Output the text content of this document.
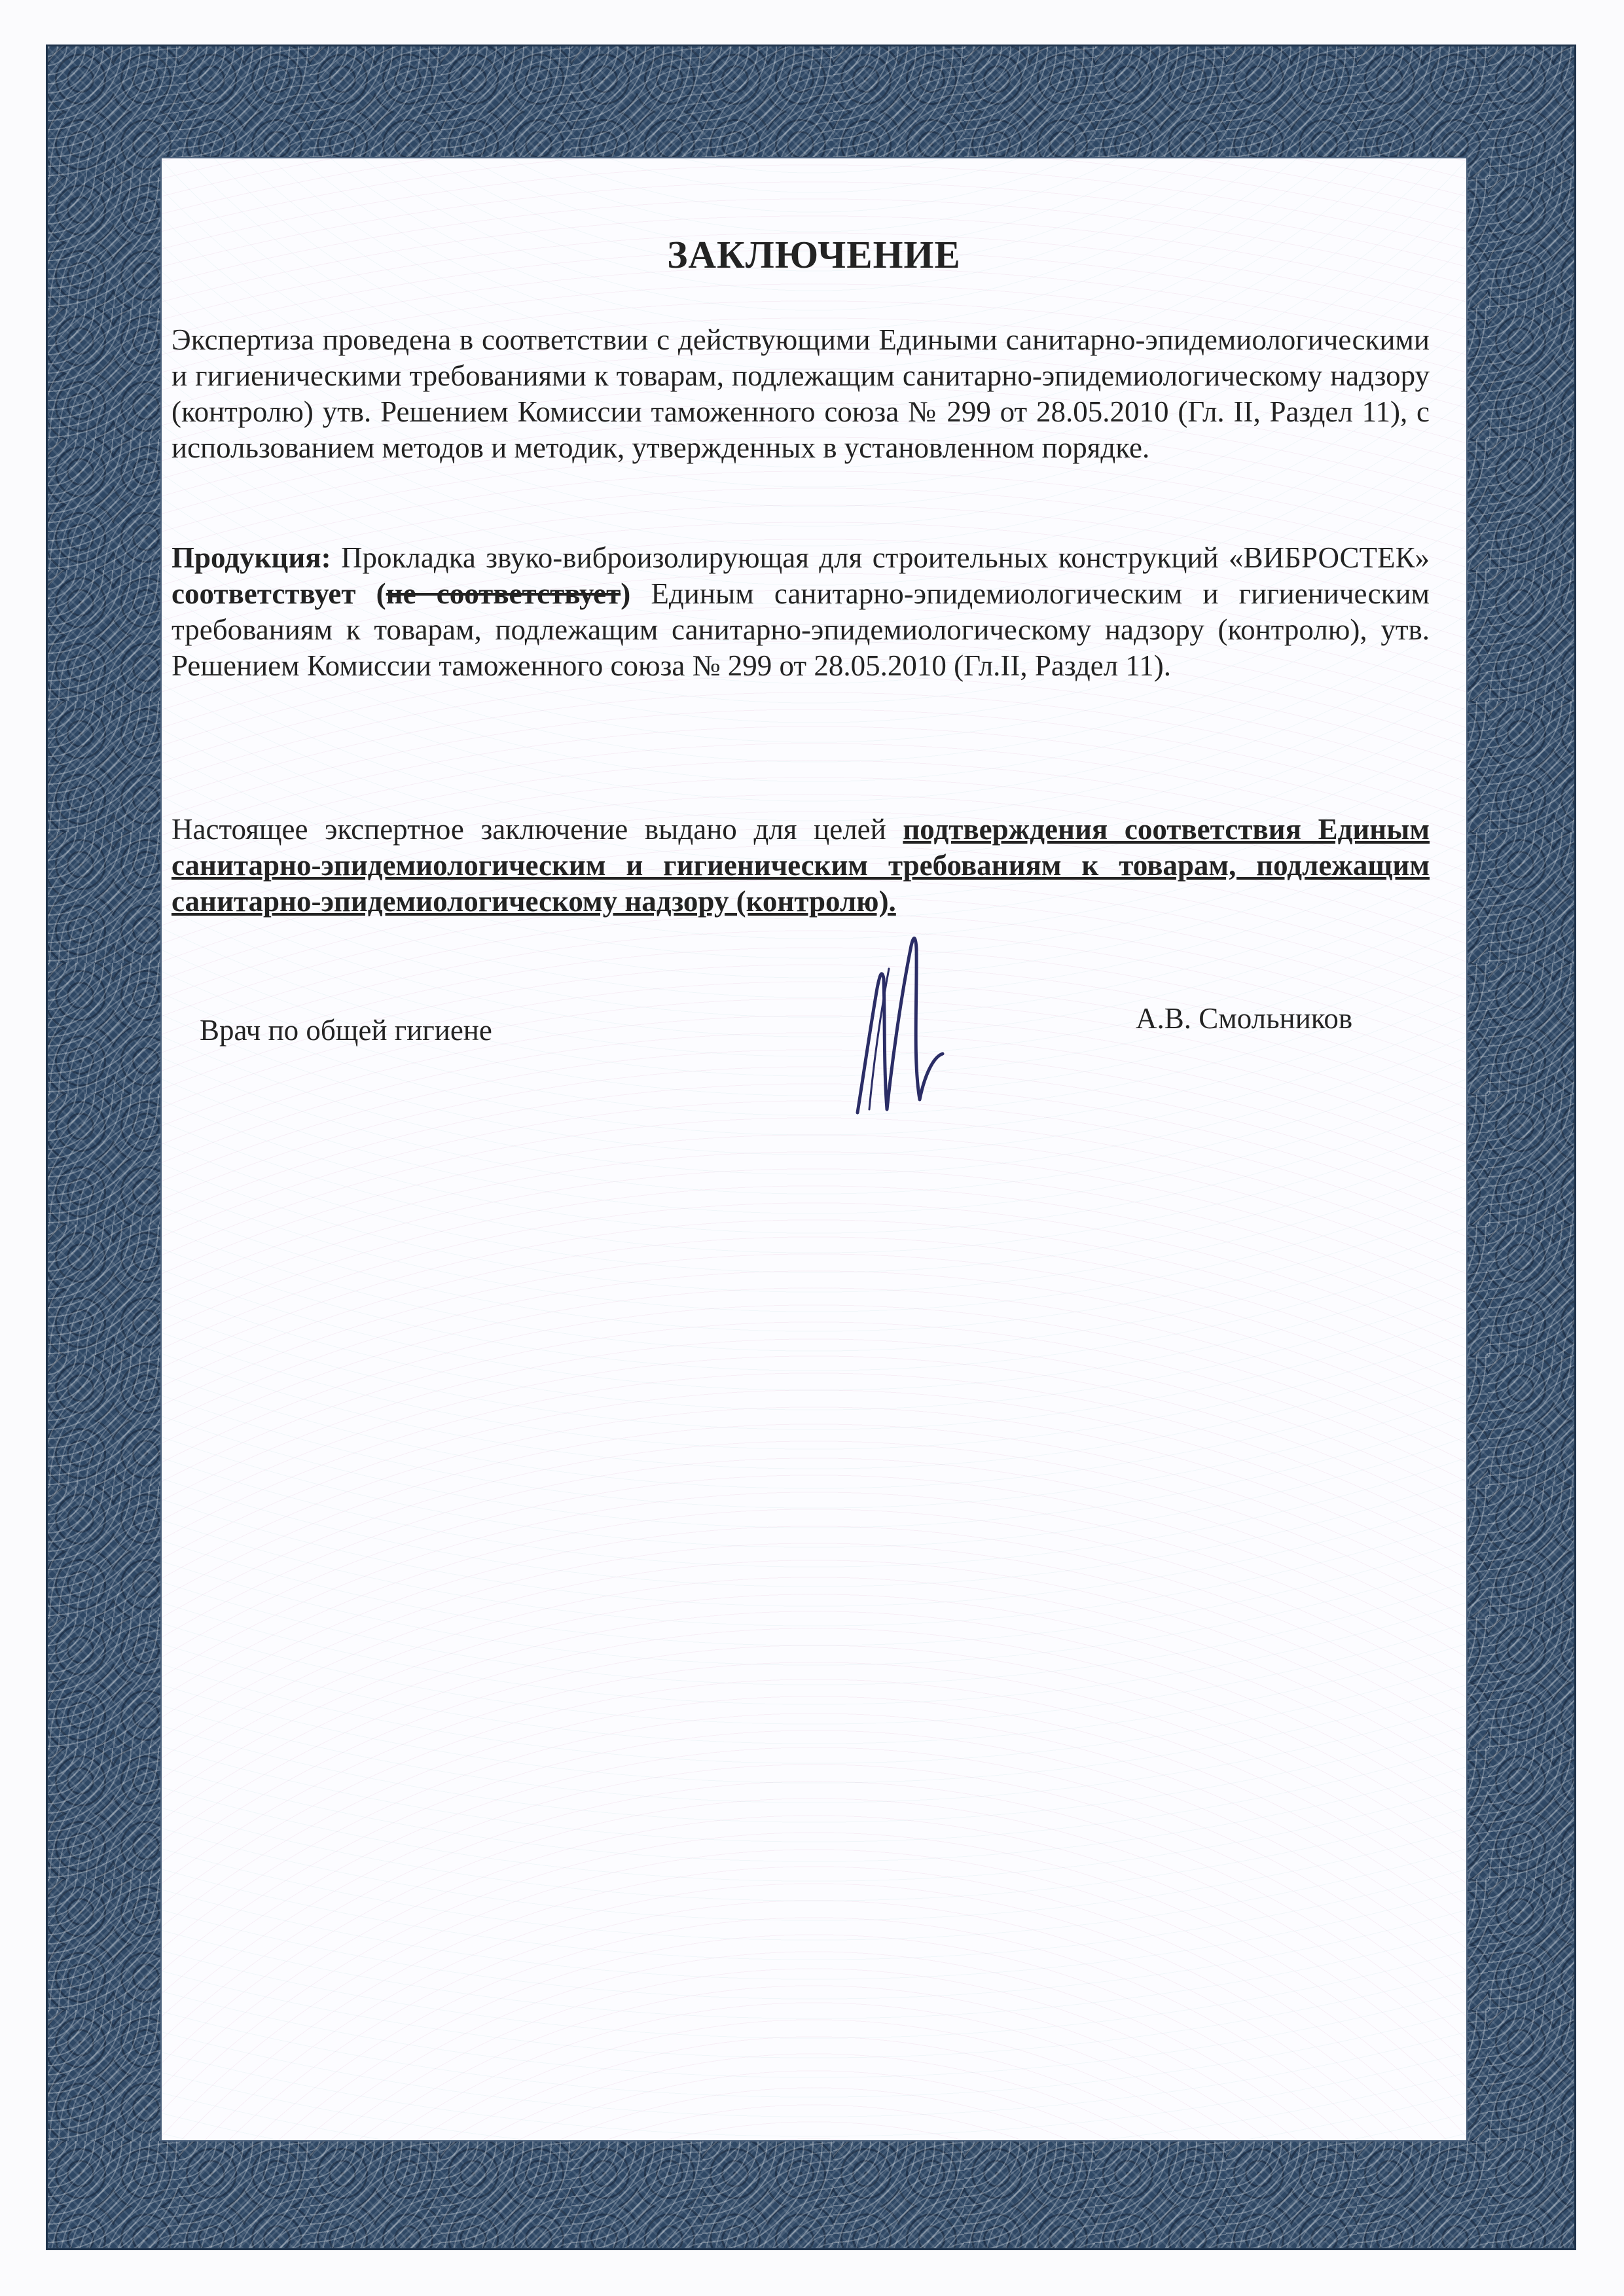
ЗАКЛЮЧЕНИЕ
Экспертиза проведена в соответствии с действующими Едиными санитарно-эпидемиологическими и гигиеническими требованиями к товарам, подлежащим санитарно-эпидемиологическому надзору (контролю) утв. Решением Комиссии таможенного союза № 299 от 28.05.2010 (Гл. II, Раздел 11), с использованием методов и методик, утвержденных в установленном порядке.
Продукция: Прокладка звуко-виброизолирующая для строительных конструкций «ВИБРОСТЕК» соответствует (не соответствует) Единым санитарно-эпидемиологическим и гигиеническим требованиям к товарам, подлежащим санитарно-эпидемиологическому надзору (контролю), утв. Решением Комиссии таможенного союза № 299 от 28.05.2010 (Гл.II, Раздел 11).
Настоящее экспертное заключение выдано для целей подтверждения соответствия Единым санитарно-эпидемиологическим и гигиеническим требованиям к товарам, подлежащим санитарно-эпидемиологическому надзору (контролю).
Врач по общей гигиене	А.В. Смольников
